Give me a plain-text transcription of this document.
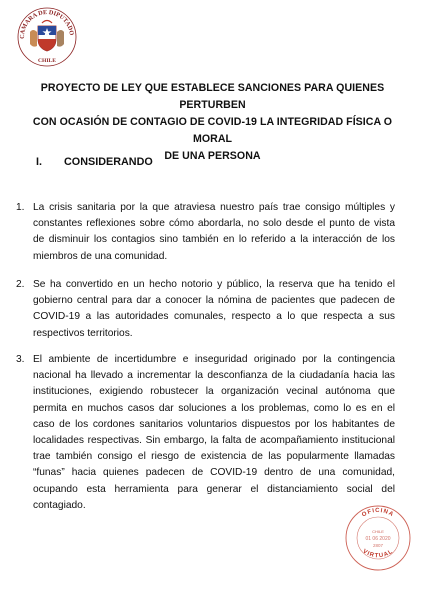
CAMARA DE DIPUTADO
CHILE
PROYECTO DE LEY QUE ESTABLECE SANCIONES PARA QUIENES PERTURBEN
CON OCASIÓN DE CONTAGIO DE COVID-19 LA INTEGRIDAD FÍSICA O MORAL
DE UNA PERSONA
I. CONSIDERANDO
1. La crisis sanitaria por la que atraviesa nuestro país trae consigo múltiples y constantes reflexiones sobre cómo abordarla, no solo desde el punto de vista de disminuir los contagios sino también en lo referido a la interacción de los miembros de una comunidad.
2. Se ha convertido en un hecho notorio y público, la reserva que ha tenido el gobierno central para dar a conocer la nómina de pacientes que padecen de COVID-19 a las autoridades comunales, respecto a lo que respecta a sus respectivos territorios.
3. El ambiente de incertidumbre e inseguridad originado por la contingencia nacional ha llevado a incrementar la desconfianza de la ciudadanía hacia las instituciones, exigiendo robustecer la organización vecinal autónoma que permita en muchos casos dar soluciones a los problemas, como lo es en el caso de los cordones sanitarios voluntarios dispuestos por los habitantes de localidades respectivas. Sin embargo, la falta de acompañamiento institucional trae también consigo el riesgo de existencia de las popularmente llamadas “funas” hacia quienes padecen de COVID-19 dentro de una comunidad, ocupando esta herramienta para generar el distanciamiento social del contagiado.
OFICINA
VIRTUAL
CHILE
01 06 2020
2807
